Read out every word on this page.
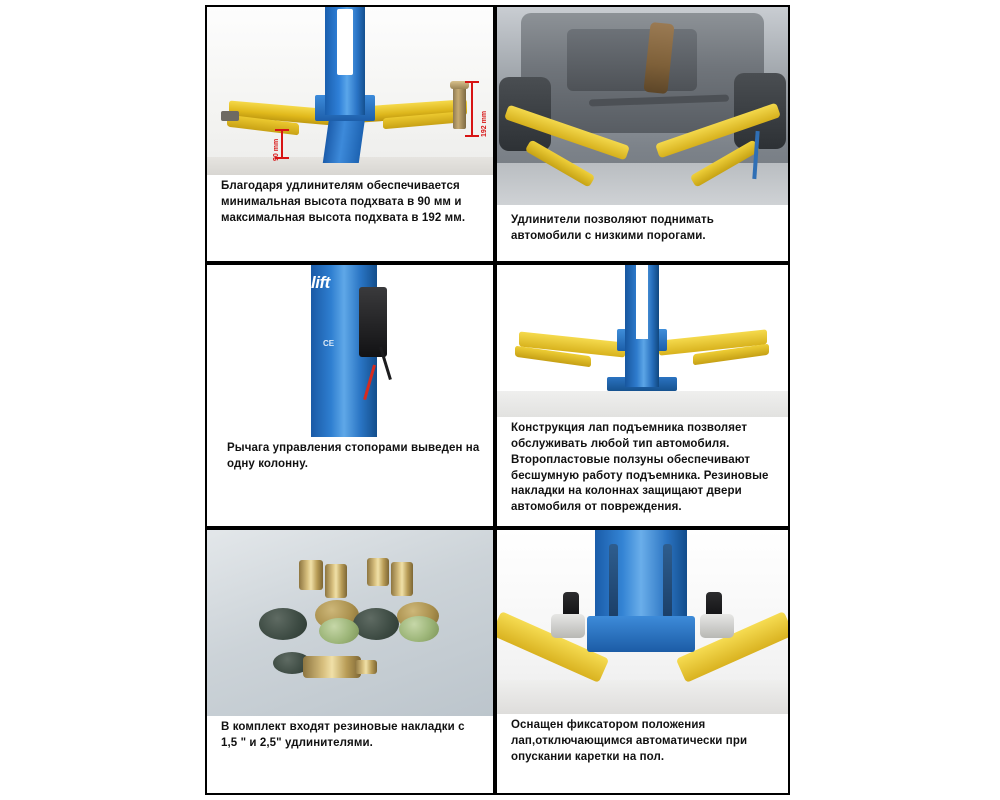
192 mm
90 mm
Благодаря удлинителям обеспечивается минимальная высота подхвата в 90 мм и максимальная высота подхвата в 192 мм.	Удлинители позволяют поднимать автомобили с низкими порогами.
lift
CE
Рычага управления стопорами выведен на одну колонну.
Конструкция лап подъемника позволяет обслуживать любой тип автомобиля. Второпластовые ползуны обеспечивают бесшумную работу подъемника. Резиновые накладки на колоннах защищают двери автомобиля от повреждения.
В комплект входят резиновые накладки с 1,5 " и 2,5" удлинителями.
Оснащен фиксатором положения лап,отключающимся автоматически при опускании каретки на пол.
